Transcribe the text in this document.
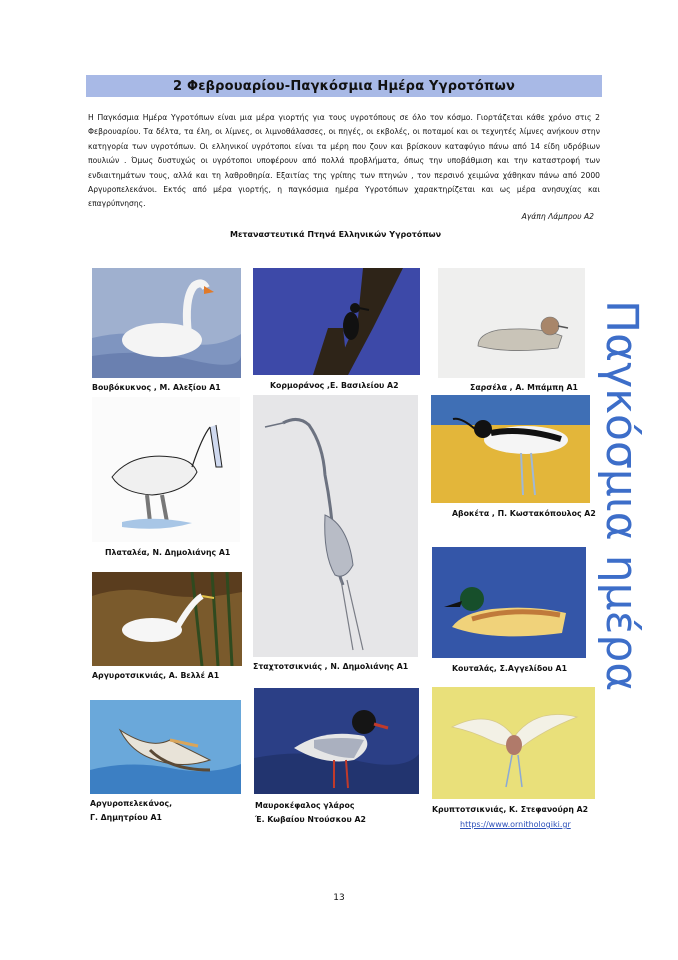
2 Φεβρουαρίου-Παγκόσμια Ημέρα Υγροτόπων

Η Παγκόσμια Ημέρα Υγροτόπων είναι μια μέρα γιορτής για τους υγροτόπους σε όλο τον κόσμο. Γιορτάζεται κάθε χρόνο στις 2 Φεβρουαρίου. Τα δέλτα, τα έλη, οι λίμνες, οι λιμνοθάλασσες, οι πηγές, οι εκβολές, οι ποταμοί και οι τεχνητές λίμνες ανήκουν στην κατηγορία των υγροτόπων. Οι ελληνικοί υγρότοποι είναι τα μέρη που ζουν και βρίσκουν καταφύγιο πάνω από 14 είδη υδρόβιων πουλιών . Όμως δυστυχώς οι υγρότοποι υποφέρουν από πολλά προβλήματα, όπως την υποβάθμιση και την καταστροφή των ενδιαιτημάτων τους, αλλά και τη λαθροθηρία. Εξαιτίας της γρίπης των πτηνών , τον περσινό χειμώνα χάθηκαν πάνω από 2000 Αργυροπελεκάνοι. Εκτός από μέρα γιορτής, η παγκόσμια ημέρα Υγροτόπων χαρακτηρίζεται και ως μέρα ανησυχίας και επαγρύπνησης.

Αγάπη Λάμπρου Α2
Μεταναστευτικά Πτηνά Ελληνικών Υγροτόπων
Παγκόσμια ημέρα
Βουβόκυκνος , Μ. Αλεξίου Α1	Κορμοράνος ,Ε. Βασιλείου Α2	Σαρσέλα , Α. Μπάμπη Α1
Αβοκέτα , Π. Κωστακόπουλος Α2
Πλαταλέα, Ν. Δημολιάνης Α1
Σταχτοτσικνιάς , Ν. Δημολιάνης Α1	Κουταλάς, Σ.Αγγελίδου Α1
Αργυροτσικνιάς, Α. Βελλέ Α1
Αργυροπελεκάνος,
Γ. Δημητρίου Α1
Μαυροκέφαλος γλάρος
Έ. Κωβαίου Ντούσκου Α2
Κρυπτοτσικνιάς, Κ. Στεφανούρη Α2
https://www.ornithologiki.gr
13
